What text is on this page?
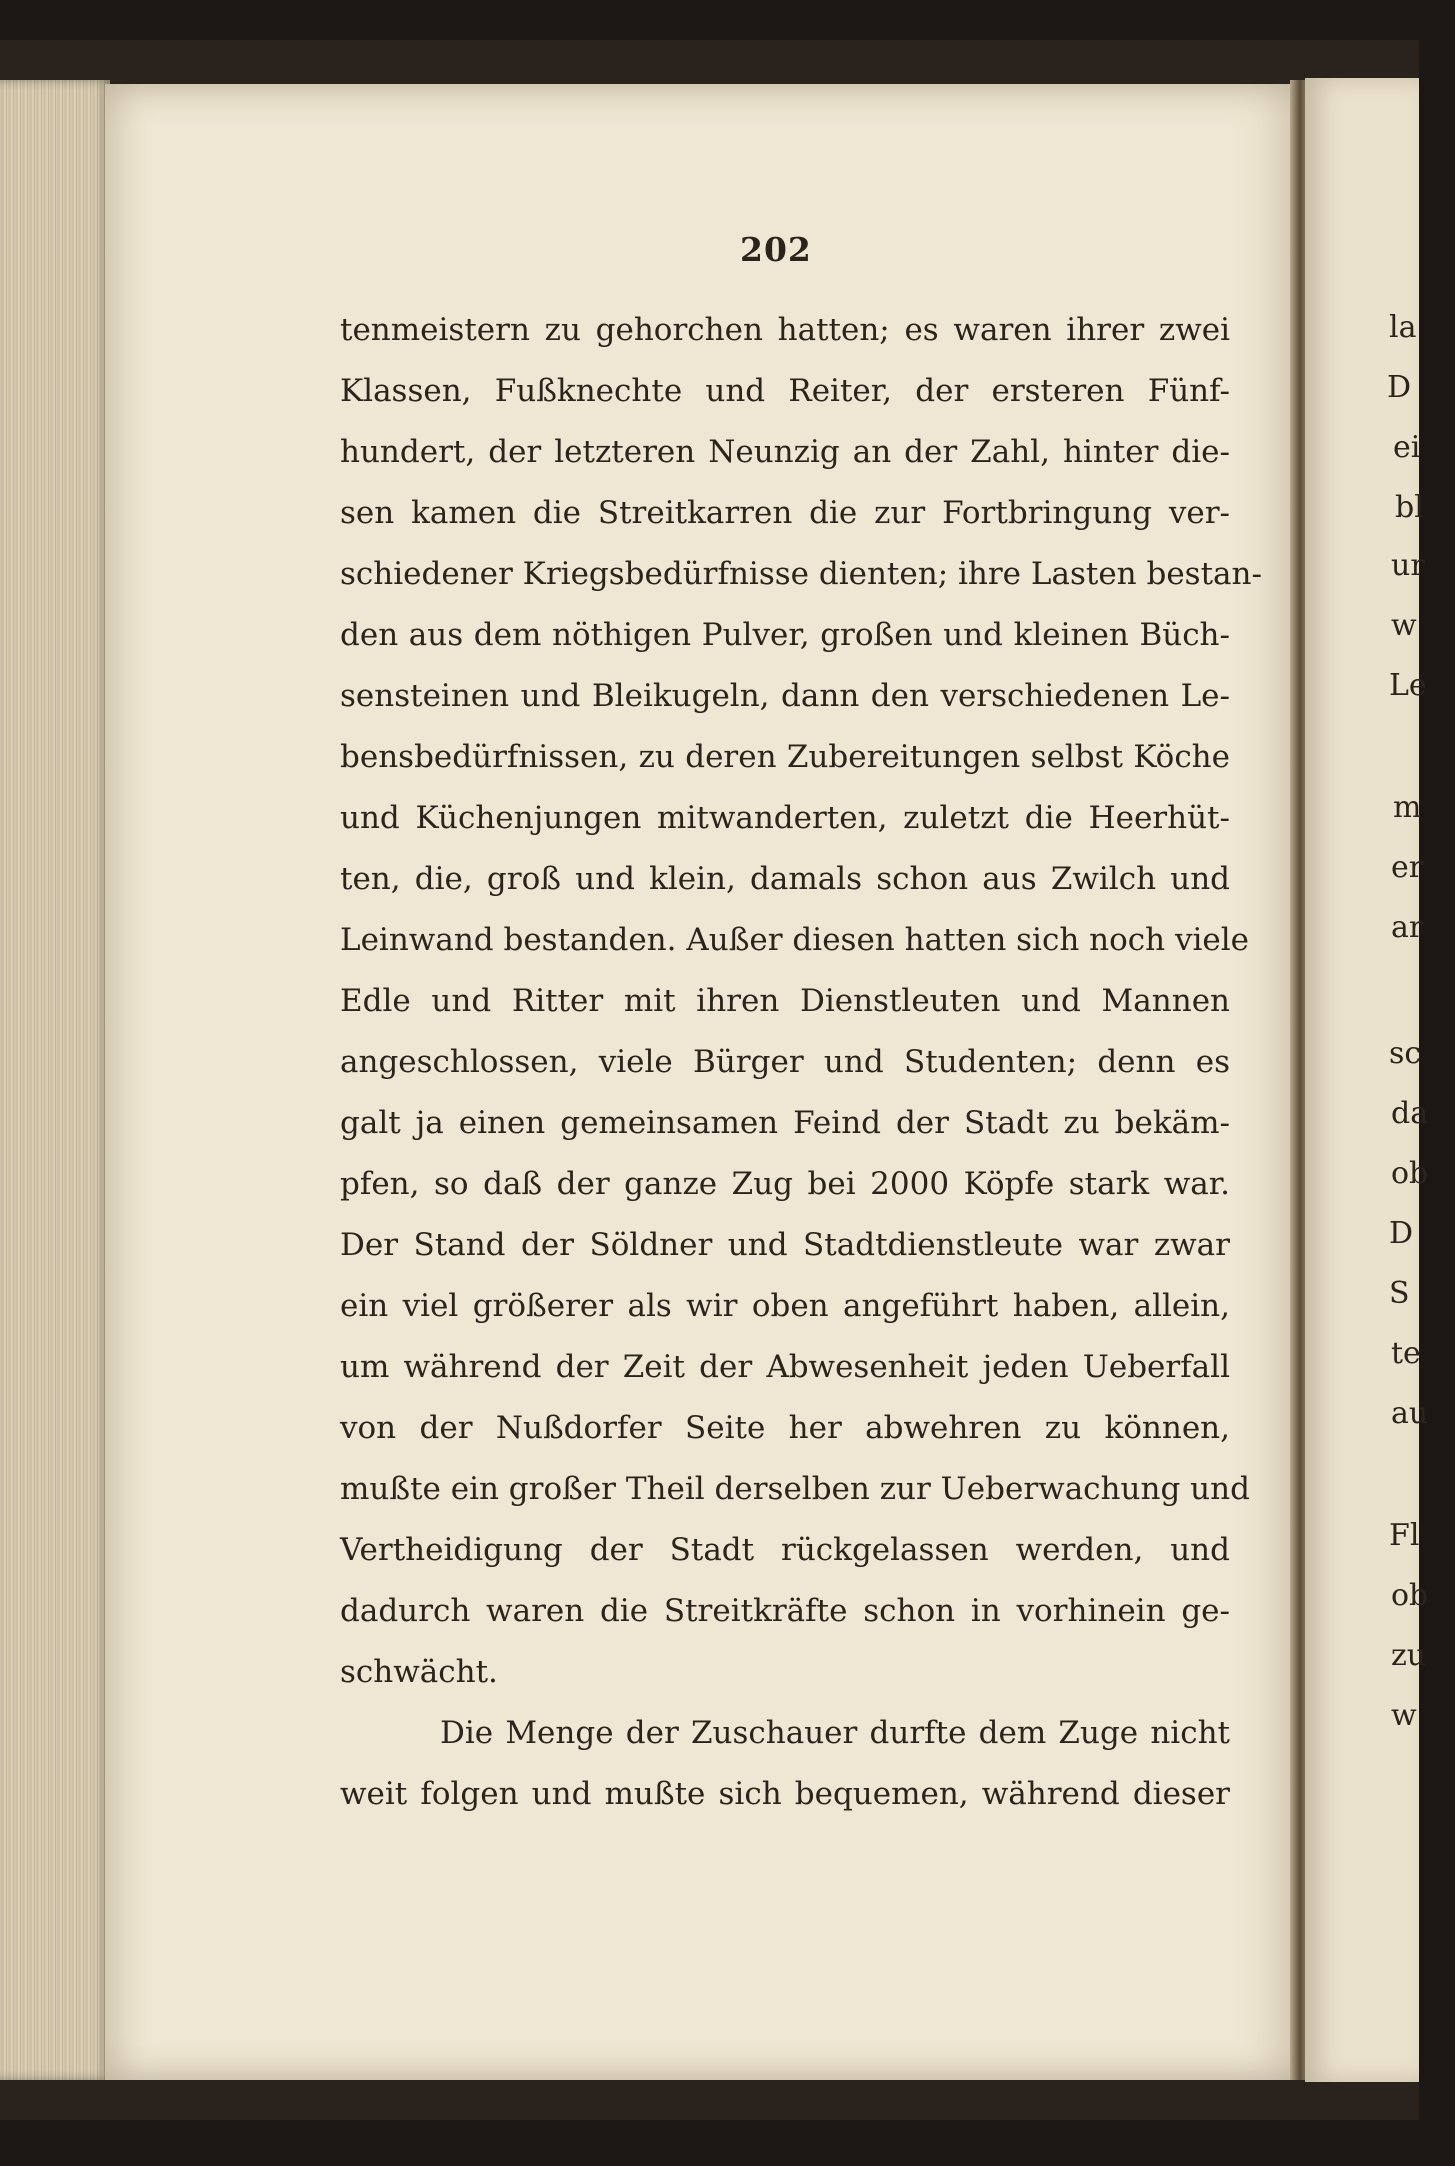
202
tenmeistern zu gehorchen hatten; es waren ihrer zwei
Klassen, Fußknechte und Reiter, der ersteren Fünf-
hundert, der letzteren Neunzig an der Zahl, hinter die-
sen kamen die Streitkarren die zur Fortbringung ver-
schiedener Kriegsbedürfnisse dienten; ihre Lasten bestan-
den aus dem nöthigen Pulver, großen und kleinen Büch-
sensteinen und Bleikugeln, dann den verschiedenen Le-
bensbedürfnissen, zu deren Zubereitungen selbst Köche
und Küchenjungen mitwanderten, zuletzt die Heerhüt-
ten, die, groß und klein, damals schon aus Zwilch und
Leinwand bestanden. Außer diesen hatten sich noch viele
Edle und Ritter mit ihren Dienstleuten und Mannen
angeschlossen, viele Bürger und Studenten; denn es
galt ja einen gemeinsamen Feind der Stadt zu bekäm-
pfen, so daß der ganze Zug bei 2000 Köpfe stark war.
Der Stand der Söldner und Stadtdienstleute war zwar
ein viel größerer als wir oben angeführt haben, allein,
um während der Zeit der Abwesenheit jeden Ueberfall
von der Nußdorfer Seite her abwehren zu können,
mußte ein großer Theil derselben zur Ueberwachung und
Vertheidigung der Stadt rückgelassen werden, und
dadurch waren die Streitkräfte schon in vorhinein ge-
schwächt.
Die Menge der Zuschauer durfte dem Zuge nicht
weit folgen und mußte sich bequemen, während dieser
la
D
ei
bl
ur
w
Le
m
er
ar
sc
da
ob
D
S
te
au
Fl
ob
zu
w
